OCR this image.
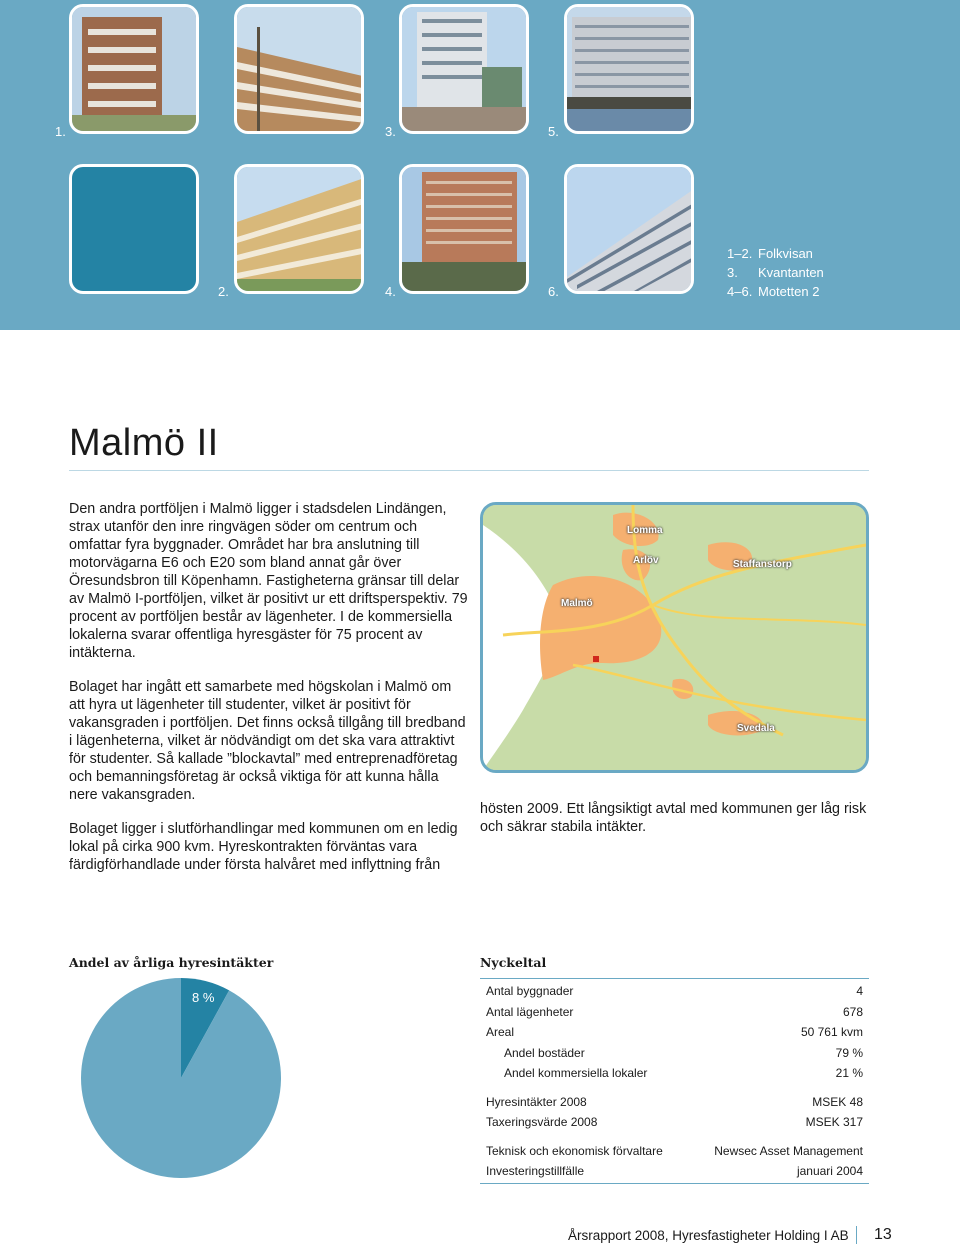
1.
2.
3.
4.
5.
6.
1–2. Folkvisan
3. Kvantanten
4–6. Motetten 2
Malmö II

Den andra portföljen i Malmö ligger i stadsdelen Lindängen, strax utanför den inre ringvägen söder om centrum och omfattar fyra byggnader. Området har bra anslutning till motorvägarna E6 och E20 som bland annat går över Öresundsbron till Köpenhamn. Fastigheterna gränsar till delar av Malmö I-portföljen, vilket är positivt ur ett driftsperspektiv. 79 procent av portföljen består av lägenheter. I de kommersiella lokalerna svarar offentliga hyresgäster för 75 procent av intäkterna.

Bolaget har ingått ett samarbete med högskolan i Malmö om att hyra ut lägenheter till studenter, vilket är positivt för vakansgraden i portföljen. Det finns också tillgång till bredband i lägenheterna, vilket är nödvändigt om det ska vara attraktivt för studenter. Så kallade ”blockavtal” med entreprenadföretag och bemanningsföretag är också viktiga för att kunna hålla nere vakansgraden.

Bolaget ligger i slutförhandlingar med kommunen om en ledig lokal på cirka 900 kvm. Hyreskontrakten förväntas vara färdigförhandlade under första halvåret med inflyttning från

Lomma
Arlöv	Staffanstorp
Malmö
Svedala

hösten 2009. Ett långsiktigt avtal med kommunen ger låg risk och säkrar stabila intäkter.

Andel av årliga hyresintäkter
8 %
Nyckeltal
Antal byggnader	4
Antal lägenheter	678
Areal	50 761 kvm
Andel bostäder	79 %
Andel kommersiella lokaler	21 %
Hyresintäkter 2008	MSEK 48
Taxeringsvärde 2008	MSEK 317
Teknisk och ekonomisk förvaltare	Newsec Asset Management
Investeringstillfälle	januari 2004
Årsrapport 2008, Hyresfastigheter Holding I AB 13
